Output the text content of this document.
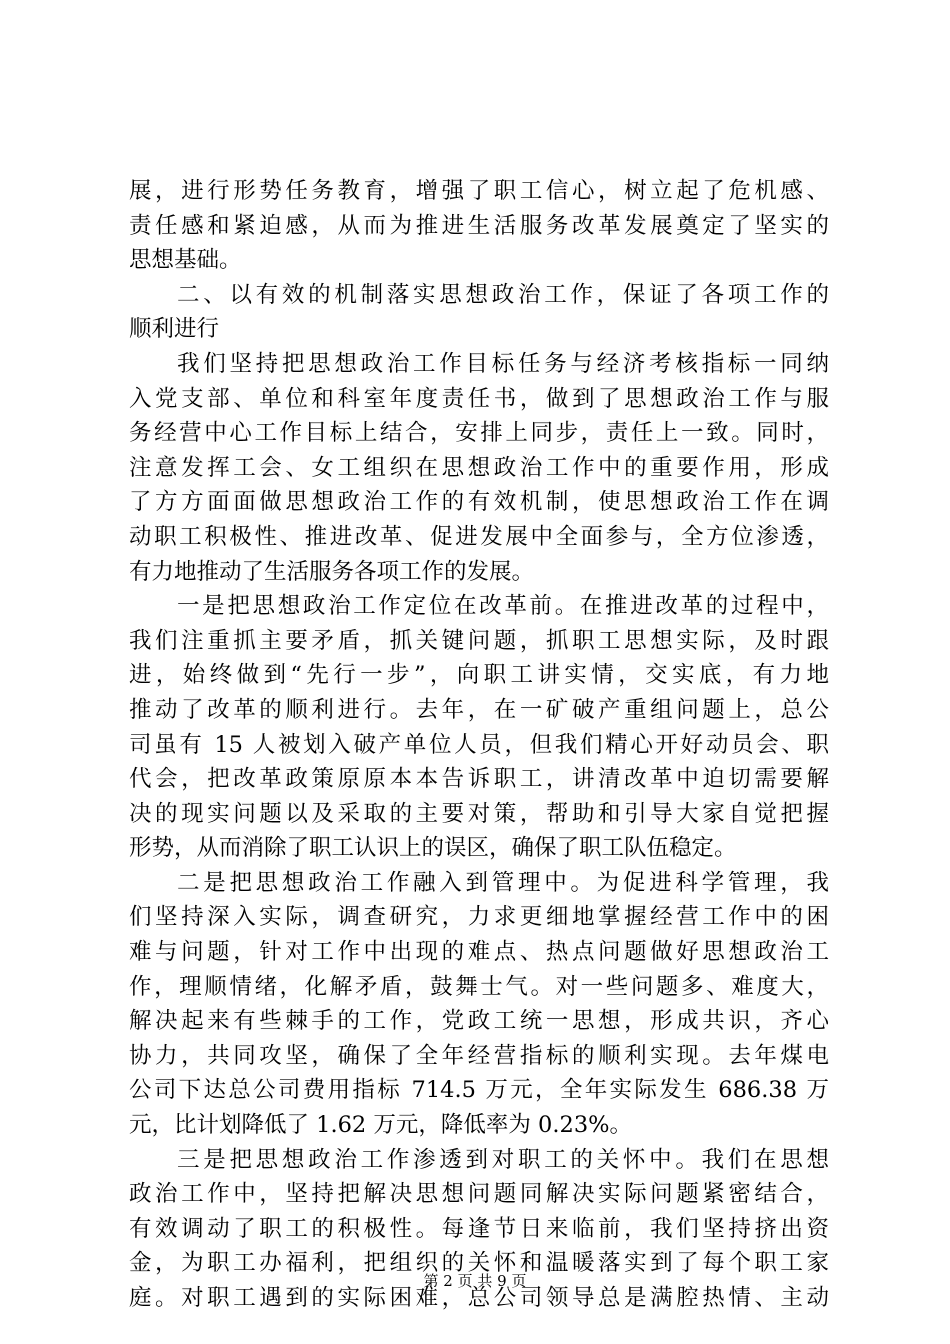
展，进行形势任务教育，增强了职工信心，树立起了危机感、
责任感和紧迫感，从而为推进生活服务改革发展奠定了坚实的
思想基础。
二、以有效的机制落实思想政治工作，保证了各项工作的
顺利进行
我们坚持把思想政治工作目标任务与经济考核指标一同纳
入党支部、单位和科室年度责任书，做到了思想政治工作与服
务经营中心工作目标上结合，安排上同步，责任上一致。同时，
注意发挥工会、女工组织在思想政治工作中的重要作用，形成
了方方面面做思想政治工作的有效机制，使思想政治工作在调
动职工积极性、推进改革、促进发展中全面参与，全方位渗透，
有力地推动了生活服务各项工作的发展。
一是把思想政治工作定位在改革前。在推进改革的过程中，
我们注重抓主要矛盾，抓关键问题，抓职工思想实际，及时跟
进，始终做到“先行一步”，向职工讲实情，交实底，有力地
推动了改革的顺利进行。去年，在一矿破产重组问题上，总公
司虽有 15 人被划入破产单位人员，但我们精心开好动员会、职
代会，把改革政策原原本本告诉职工，讲清改革中迫切需要解
决的现实问题以及采取的主要对策，帮助和引导大家自觉把握
形势，从而消除了职工认识上的误区，确保了职工队伍稳定。
二是把思想政治工作融入到管理中。为促进科学管理，我
们坚持深入实际，调查研究，力求更细地掌握经营工作中的困
难与问题，针对工作中出现的难点、热点问题做好思想政治工
作，理顺情绪，化解矛盾，鼓舞士气。对一些问题多、难度大，
解决起来有些棘手的工作，党政工统一思想，形成共识，齐心
协力，共同攻坚，确保了全年经营指标的顺利实现。去年煤电
公司下达总公司费用指标 714.5 万元，全年实际发生 686.38 万
元，比计划降低了 1.62 万元，降低率为 0.23%。
三是把思想政治工作渗透到对职工的关怀中。我们在思想
政治工作中，坚持把解决思想问题同解决实际问题紧密结合，
有效调动了职工的积极性。每逢节日来临前，我们坚持挤出资
金，为职工办福利，把组织的关怀和温暖落实到了每个职工家
庭。对职工遇到的实际困难，总公司领导总是满腔热情、主动
第 2 页 共 9 页
